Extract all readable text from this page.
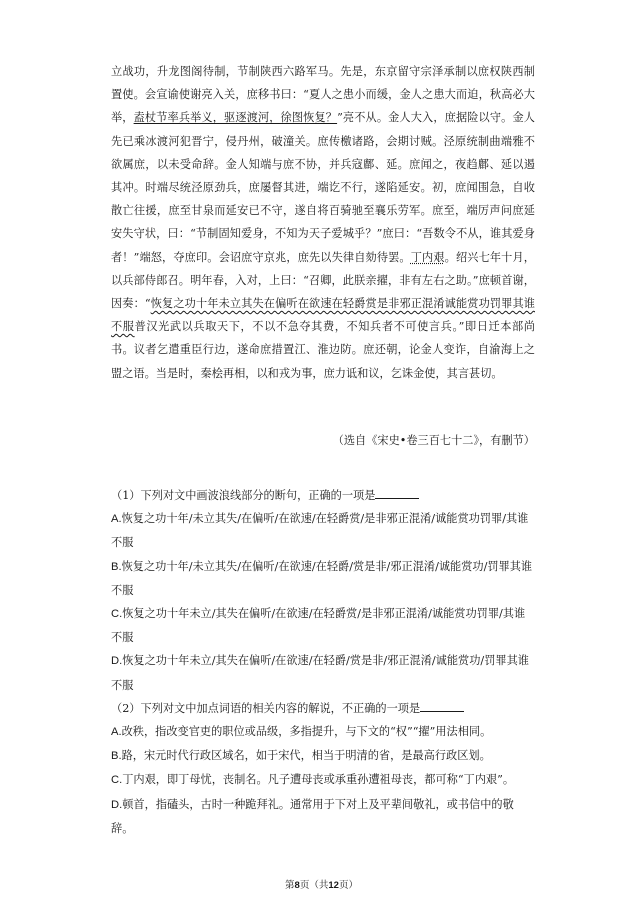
立战功，升龙图阁待制，节制陕西六路军马。先是，东京留守宗泽承制以庶权陕西制置使。会宣谕使谢亮入关，庶移书曰：“夏人之患小而缓，金人之患大而迫，秋高必大举，盍杖节率兵举义，驱逐渡河，徐图恢复？”亮不从。金人大入，庶据险以守。金人先已乘冰渡河犯晋宁，侵丹州，破潼关。庶传檄诸路，会期讨贼。泾原统制曲端雅不欲属庶，以未受命辞。金人知端与庶不协，并兵寇鄜、延。庶闻之，夜趋鄜、延以遏其冲。时端尽统泾原劲兵，庶屡督其进，端讫不行，遂陷延安。初，庶闻围急，自收散亡往援，庶至甘泉而延安已不守，遂自将百骑驰至襄乐劳军。庶至，端厉声问庶延安失守状，曰：“节制固知爱身，不知为天子爱城乎？”庶曰：“吾数令不从，谁其爱身者！”端怒，夺庶印。会诏庶守京兆，庶先以失律自劾待罢。丁内艰。绍兴七年十月，以兵部侍郎召。明年春，入对，上曰：“召卿，此朕亲擢，非有左右之助。”庶顿首谢，因奏：“恢复之功十年未立其失在偏听在欲速在轻爵赏是非邪正混淆诚能赏功罚罪其谁不服普汉光武以兵取天下，不以不急夺其费，不知兵者不可使言兵。”即日迁本部尚书。议者乞遣重臣行边，遂命庶措置江、淮边防。庶还朝，论金人变诈，自渝海上之盟之语。当是时，秦桧再相，以和戎为事，庶力诋和议，乞诛金使，其言甚切。

（选自《宋史•卷三百七十二》，有删节）

（1）下列对文中画波浪线部分的断句，正确的一项是

A.恢复之功十年/未立其失/在偏听/在欲速/在轻爵赏/是非邪正混淆/诚能赏功罚罪/其谁不服

B.恢复之功十年/未立其失/在偏听/在欲速/在轻爵/赏是非/邪正混淆/诚能赏功/罚罪其谁不服

C.恢复之功十年未立/其失在偏听/在欲速/在轻爵赏/是非邪正混淆/诚能赏功罚罪/其谁不服

D.恢复之功十年未立/其失在偏听/在欲速/在轻爵/赏是非/邪正混淆/诚能赏功/罚罪其谁不服

（2）下列对文中加点词语的相关内容的解说，不正确的一项是

A.改秩，指改变官吏的职位或品级，多指提升，与下文的“权”“擢”用法相同。

B.路，宋元时代行政区域名，如于宋代，相当于明清的省，是最高行政区划。

C.丁内艰，即丁母忧，丧制名。凡子遭母丧或承重孙遭祖母丧，都可称“丁内艰”。

D.顿首，指磕头，古时一种跪拜礼。通常用于下对上及平辈间敬礼，或书信中的敬辞。

第8页（共12页）
